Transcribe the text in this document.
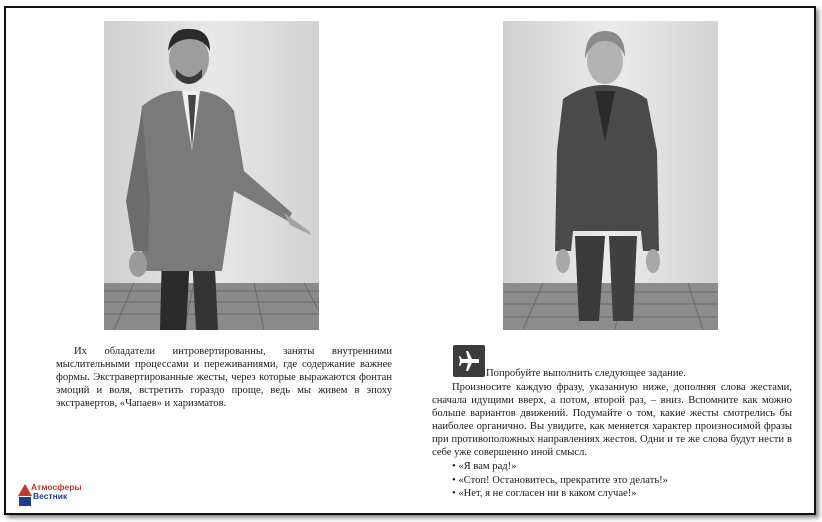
Их обладатели интровертированны, заняты внутренними мыслительными процессами и переживаниями, где содержание важнее формы. Экстравертированные жесты, через которые выражаются фонтан эмоций и воля, встретить гораздо проще, ведь мы живем в эпоху экстравертов, «Чапаев» и харизматов.

Попробуйте выполнить следующее задание.

Произносите каждую фразу, указанную ниже, дополняя слова жестами, сначала идущими вверх, а потом, второй раз, – вниз. Вспомните как можно больше вариантов движений. Подумайте о том, какие жесты смотрелись бы наиболее органично. Вы увидите, как меняется характер произносимой фразы при противоположных направлениях жестов. Одни и те же слова будут нести в себе уже совершенно иной смысл.

• «Я вам рад!»
• «Стоп! Остановитесь, прекратите это делать!»
• «Нет, я не согласен ни в каком случае!»
Атмосферы
Вестник
